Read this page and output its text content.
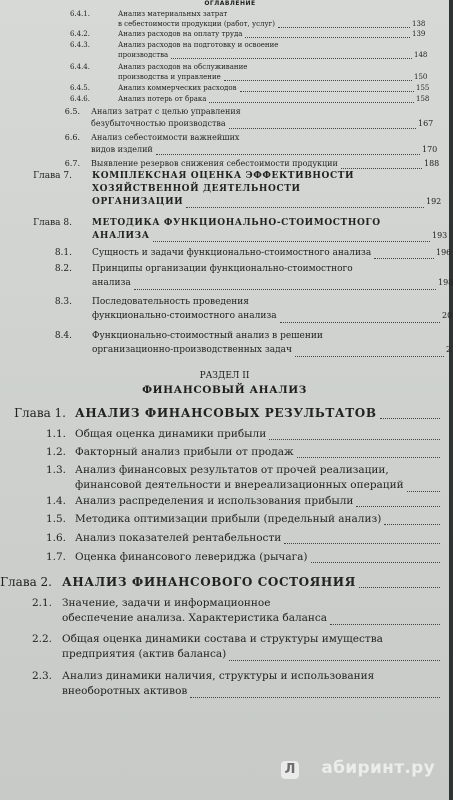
ОГЛАВЛЕНИЕ
6.4.1.	Анализ материальных затрат
в себестоимости продукции (работ, услуг)	138
6.4.2.	Анализ расходов на оплату труда	139
6.4.3.	Анализ расходов на подготовку и освоение
производства	148
6.4.4.	Анализ расходов на обслуживание
производства и управление	150
6.4.5.	Анализ коммерческих расходов	155
6.4.6.	Анализ потерь от брака	158
6.5. Анализ затрат с целью управления
безубыточностью производства	167
6.6. Анализ себестоимости важнейших
видов изделий	170
6.7. Выявление резервов снижения себестоимости продукции	188
Глава 7. КОМПЛЕКСНАЯ ОЦЕНКА ЭФФЕКТИВНОСТИ
ХОЗЯЙСТВЕННОЙ ДЕЯТЕЛЬНОСТИ
ОРГАНИЗАЦИИ	192
Глава 8. МЕТОДИКА ФУНКЦИОНАЛЬНО-СТОИМОСТНОГО
АНАЛИЗА	193
8.1. Сущность и задачи функционально-стоимостного анализа	196
8.2. Принципы организации функционально-стоимостного
анализа	198
8.3. Последовательность проведения
функционально-стоимостного анализа	20
8.4. Функционально-стоимостный анализ в решении
организационно-производственных задач	2
Глава 1. АНАЛИЗ ФИНАНСОВЫХ РЕЗУЛЬТАТОВ
1.1. Общая оценка динамики прибыли
1.2. Факторный анализ прибыли от продаж
1.3. Анализ финансовых результатов от прочей реализации,
финансовой деятельности и внереализационных операций
1.4. Анализ распределения и использования прибыли
1.5. Методика оптимизации прибыли (предельный анализ)
1.6. Анализ показателей рентабельности
1.7. Оценка финансового левериджа (рычага)
Глава 2. АНАЛИЗ ФИНАНСОВОГО СОСТОЯНИЯ
2.1. Значение, задачи и информационное
обеспечение анализа. Характеристика баланса
2.2. Общая оценка динамики состава и структуры имущества
предприятия (актив баланса)
2.3. Анализ динамики наличия, структуры и использования
внеоборотных активов
РАЗДЕЛ II
ФИНАНСОВЫЙ АНАЛИЗ
Л абиринт.ру
